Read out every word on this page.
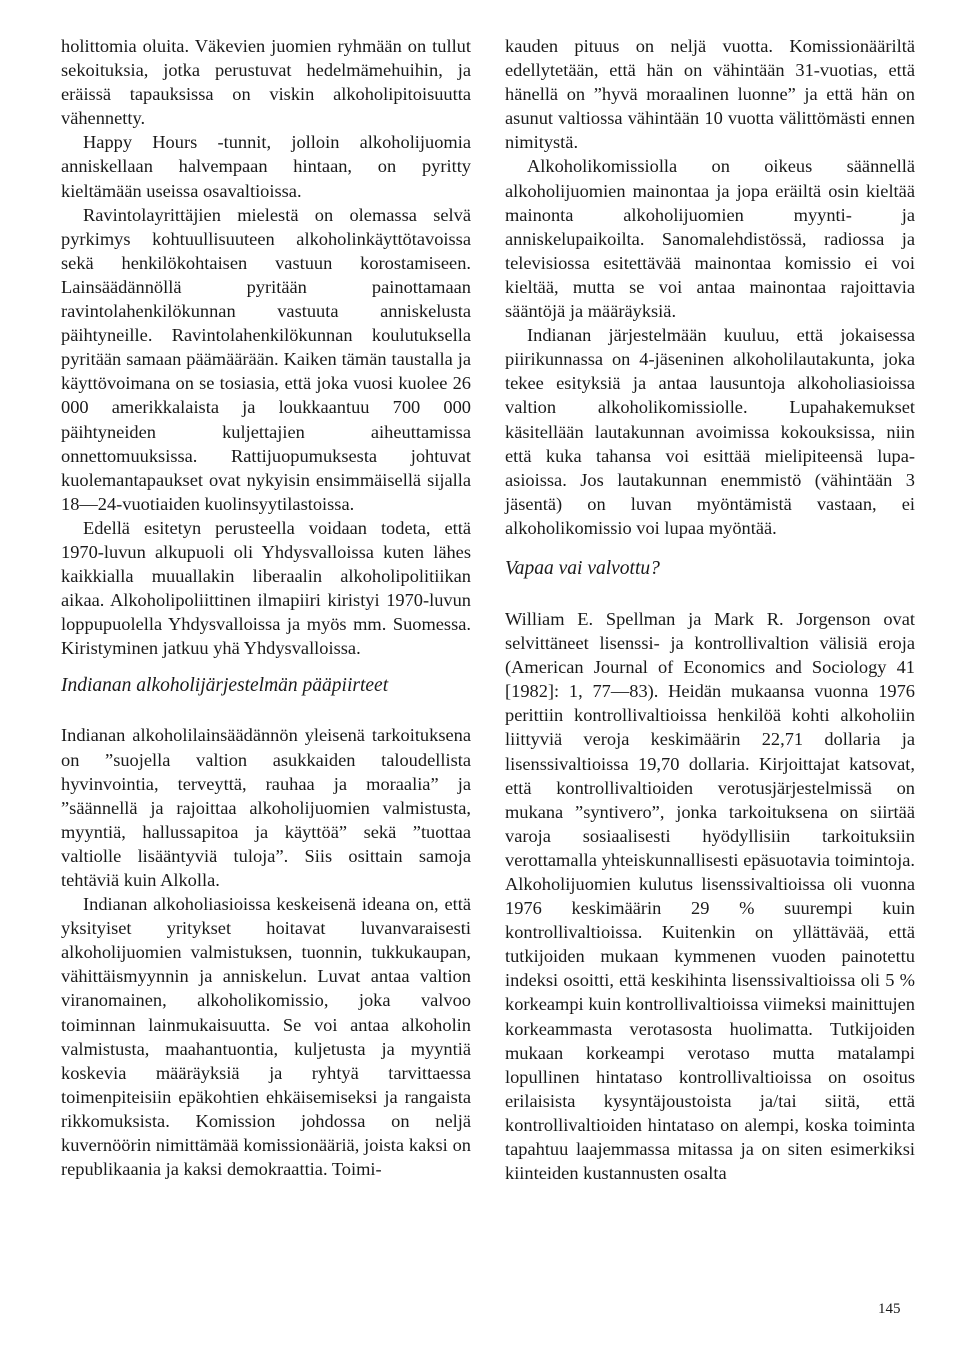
holittomia oluita. Väkevien juomien ryhmään on tullut sekoituksia, jotka perustuvat hedelmämehuihin, ja eräissä tapauksissa on viskin alkoholipitoisuutta vähennetty.

Happy Hours -tunnit, jolloin alkoholijuomia anniskellaan halvempaan hintaan, on pyritty kieltämään useissa osavaltioissa.

Ravintolayrittäjien mielestä on olemassa selvä pyrkimys kohtuullisuuteen alkoholinkäyttötavoissa sekä henkilökohtaisen vastuun korostamiseen. Lainsäädännöllä pyritään painottamaan ravintolahenkilökunnan vastuuta anniskelusta päihtyneille. Ravintolahenkilökunnan koulutuksella pyritään samaan päämäärään. Kaiken tämän taustalla ja käyttövoimana on se tosiasia, että joka vuosi kuolee 26 000 amerikkalaista ja loukkaantuu 700 000 päihtyneiden kuljettajien aiheuttamissa onnettomuuksissa. Rattijuopumuksesta johtuvat kuolemantapaukset ovat nykyisin ensimmäisellä sijalla 18—24-vuotiaiden kuolinsyytilastoissa.

Edellä esitetyn perusteella voidaan todeta, että 1970-luvun alkupuoli oli Yhdysvalloissa kuten lähes kaikkialla muuallakin liberaalin alkoholipolitiikan aikaa. Alkoholipoliittinen ilmapiiri kiristyi 1970-luvun loppupuolella Yhdysvalloissa ja myös mm. Suomessa. Kiristyminen jatkuu yhä Yhdysvalloissa.

Indianan alkoholijärjestelmän pääpiirteet

Indianan alkoholilainsäädännön yleisenä tarkoituksena on ”suojella valtion asukkaiden taloudellista hyvinvointia, terveyttä, rauhaa ja moraalia” ja ”säännellä ja rajoittaa alkoholijuomien valmistusta, myyntiä, hallussapitoa ja käyttöä” sekä ”tuottaa valtiolle lisääntyviä tuloja”. Siis osittain samoja tehtäviä kuin Alkolla.

Indianan alkoholiasioissa keskeisenä ideana on, että yksityiset yritykset hoitavat luvanvaraisesti alkoholijuomien valmistuksen, tuonnin, tukkukaupan, vähittäismyynnin ja anniskelun. Luvat antaa valtion viranomainen, alkoholikomissio, joka valvoo toiminnan lainmukaisuutta. Se voi antaa alkoholin valmistusta, maahantuontia, kuljetusta ja myyntiä koskevia määräyksiä ja ryhtyä tarvittaessa toimenpiteisiin epäkohtien ehkäisemiseksi ja rangaista rikkomuksista. Komission johdossa on neljä kuvernöörin nimittämää komissionääriä, joista kaksi on republikaania ja kaksi demokraattia. Toimi-

kauden pituus on neljä vuotta. Komissionääriltä edellytetään, että hän on vähintään 31-vuotias, että hänellä on ”hyvä moraalinen luonne” ja että hän on asunut valtiossa vähintään 10 vuotta välittömästi ennen nimitystä.

Alkoholikomissiolla on oikeus säännellä alkoholijuomien mainontaa ja jopa eräiltä osin kieltää mainonta alkoholijuomien myynti- ja anniskelupaikoilta. Sanomalehdistössä, radiossa ja televisiossa esitettävää mainontaa komissio ei voi kieltää, mutta se voi antaa mainontaa rajoittavia sääntöjä ja määräyksiä.

Indianan järjestelmään kuuluu, että jokaisessa piirikunnassa on 4-jäseninen alkoholilautakunta, joka tekee esityksiä ja antaa lausuntoja alkoholiasioissa valtion alkoholikomissiolle. Lupahakemukset käsitellään lautakunnan avoimissa kokouksissa, niin että kuka tahansa voi esittää mielipiteensä lupa-asioissa. Jos lautakunnan enemmistö (vähintään 3 jäsentä) on luvan myöntämistä vastaan, ei alkoholikomissio voi lupaa myöntää.

Vapaa vai valvottu?

William E. Spellman ja Mark R. Jorgenson ovat selvittäneet lisenssi- ja kontrollivaltion välisiä eroja (American Journal of Economics and Sociology 41 [1982]: 1, 77—83). Heidän mukaansa vuonna 1976 perittiin kontrollivaltioissa henkilöä kohti alkoholiin liittyviä veroja keskimäärin 22,71 dollaria ja lisenssivaltioissa 19,70 dollaria. Kirjoittajat katsovat, että kontrollivaltioiden verotusjärjestelmissä on mukana ”syntivero”, jonka tarkoituksena on siirtää varoja sosiaalisesti hyödyllisiin tarkoituksiin verottamalla yhteiskunnallisesti epäsuotavia toimintoja. Alkoholijuomien kulutus lisenssivaltioissa oli vuonna 1976 keskimäärin 29 % suurempi kuin kontrollivaltioissa. Kuitenkin on yllättävää, että tutkijoiden mukaan kymmenen vuoden painotettu indeksi osoitti, että keskihinta lisenssivaltioissa oli 5 % korkeampi kuin kontrollivaltioissa viimeksi mainittujen korkeammasta verotasosta huolimatta. Tutkijoiden mukaan korkeampi verotaso mutta matalampi lopullinen hintataso kontrollivaltioissa on osoitus erilaisista kysyntäjoustoista ja/tai siitä, että kontrollivaltioiden hintataso on alempi, koska toiminta tapahtuu laajemmassa mitassa ja on siten esimerkiksi kiinteiden kustannusten osalta

145
